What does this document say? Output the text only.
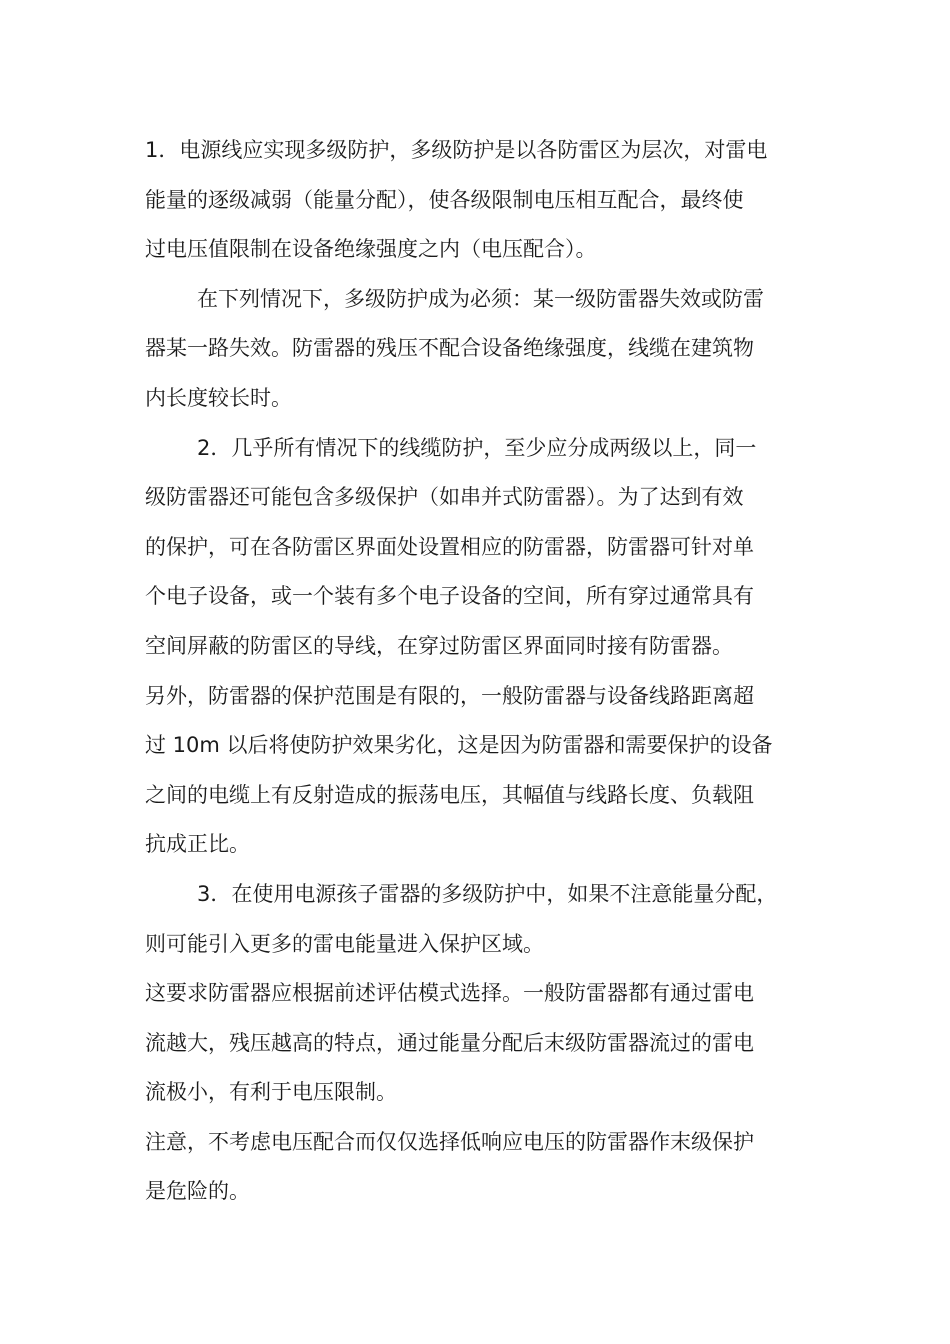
1．电源线应实现多级防护，多级防护是以各防雷区为层次，对雷电
能量的逐级减弱（能量分配），使各级限制电压相互配合，最终使
过电压值限制在设备绝缘强度之内（电压配合）。
在下列情况下，多级防护成为必须：某一级防雷器失效或防雷
器某一路失效。防雷器的残压不配合设备绝缘强度，线缆在建筑物
内长度较长时。
2．几乎所有情况下的线缆防护，至少应分成两级以上，同一
级防雷器还可能包含多级保护（如串并式防雷器）。为了达到有效
的保护，可在各防雷区界面处设置相应的防雷器，防雷器可针对单
个电子设备，或一个装有多个电子设备的空间，所有穿过通常具有
空间屏蔽的防雷区的导线，在穿过防雷区界面同时接有防雷器。
另外，防雷器的保护范围是有限的，一般防雷器与设备线路距离超
过 10m 以后将使防护效果劣化，这是因为防雷器和需要保护的设备
之间的电缆上有反射造成的振荡电压，其幅值与线路长度、负载阻
抗成正比。
3．在使用电源孩子雷器的多级防护中，如果不注意能量分配，
则可能引入更多的雷电能量进入保护区域。
这要求防雷器应根据前述评估模式选择。一般防雷器都有通过雷电
流越大，残压越高的特点，通过能量分配后末级防雷器流过的雷电
流极小，有利于电压限制。
注意，不考虑电压配合而仅仅选择低响应电压的防雷器作末级保护
是危险的。
